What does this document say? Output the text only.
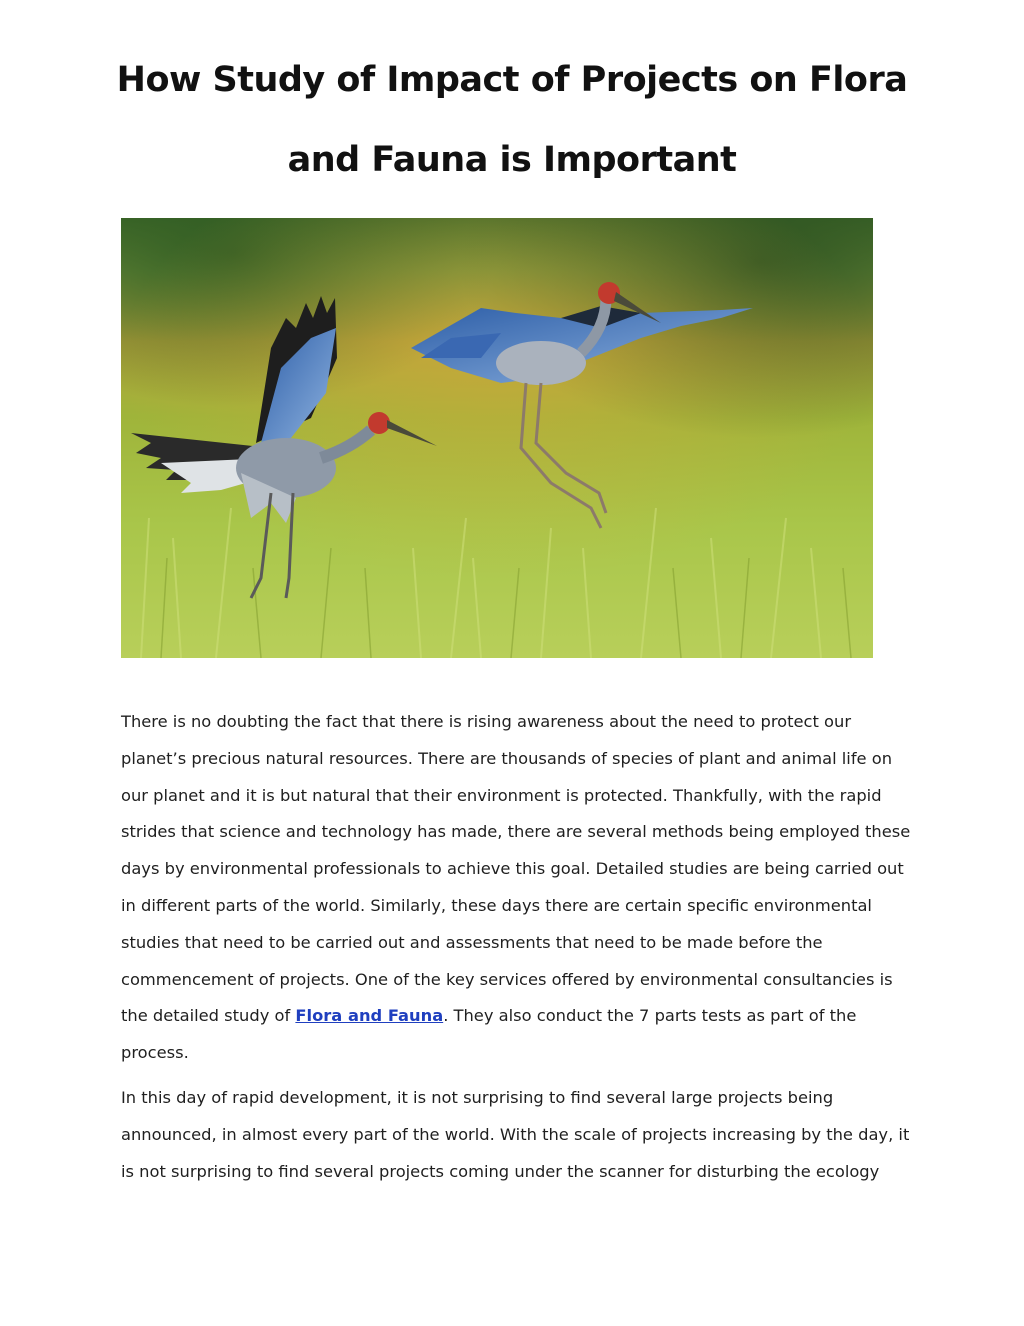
How Study of Impact of Projects on Flora
and Fauna is Important

There is no doubting the fact that there is rising awareness about the need to protect our planet’s precious natural resources. There are thousands of species of plant and animal life on our planet and it is but natural that their environment is protected. Thankfully, with the rapid strides that science and technology has made, there are several methods being employed these days by environmental professionals to achieve this goal. Detailed studies are being carried out in different parts of the world. Similarly, these days there are certain specific environmental studies that need to be carried out and assessments that need to be made before the commencement of projects. One of the key services offered by environmental consultancies is the detailed study of Flora and Fauna. They also conduct the 7 parts tests as part of the process.

In this day of rapid development, it is not surprising to find several large projects being announced, in almost every part of the world. With the scale of projects increasing by the day, it is not surprising to find several projects coming under the scanner for disturbing the ecology
